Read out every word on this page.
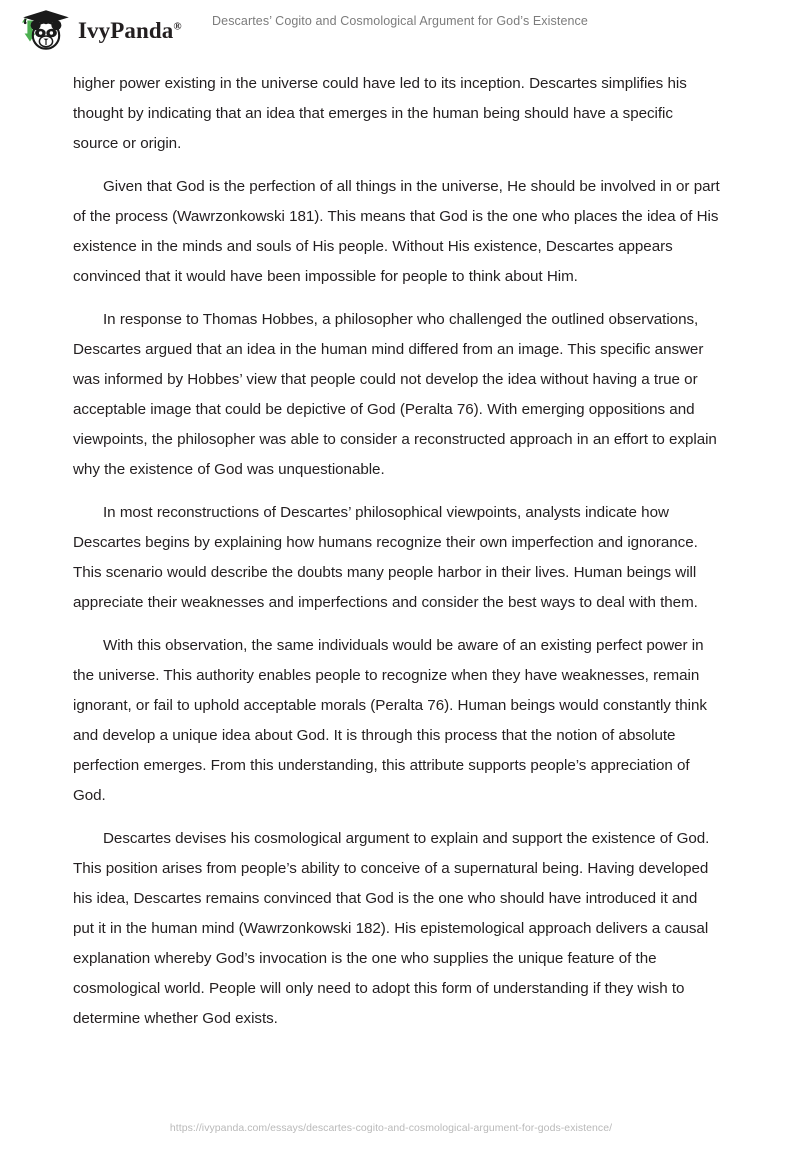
IvyPanda®	Descartes’ Cogito and Cosmological Argument for God’s Existence

higher power existing in the universe could have led to its inception. Descartes simplifies his thought by indicating that an idea that emerges in the human being should have a specific source or origin.

Given that God is the perfection of all things in the universe, He should be involved in or part of the process (Wawrzonkowski 181). This means that God is the one who places the idea of His existence in the minds and souls of His people. Without His existence, Descartes appears convinced that it would have been impossible for people to think about Him.

In response to Thomas Hobbes, a philosopher who challenged the outlined observations, Descartes argued that an idea in the human mind differed from an image. This specific answer was informed by Hobbes’ view that people could not develop the idea without having a true or acceptable image that could be depictive of God (Peralta 76). With emerging oppositions and viewpoints, the philosopher was able to consider a reconstructed approach in an effort to explain why the existence of God was unquestionable.

In most reconstructions of Descartes’ philosophical viewpoints, analysts indicate how Descartes begins by explaining how humans recognize their own imperfection and ignorance. This scenario would describe the doubts many people harbor in their lives. Human beings will appreciate their weaknesses and imperfections and consider the best ways to deal with them.

With this observation, the same individuals would be aware of an existing perfect power in the universe. This authority enables people to recognize when they have weaknesses, remain ignorant, or fail to uphold acceptable morals (Peralta 76). Human beings would constantly think and develop a unique idea about God. It is through this process that the notion of absolute perfection emerges. From this understanding, this attribute supports people’s appreciation of God.

Descartes devises his cosmological argument to explain and support the existence of God. This position arises from people’s ability to conceive of a supernatural being. Having developed his idea, Descartes remains convinced that God is the one who should have introduced it and put it in the human mind (Wawrzonkowski 182). His epistemological approach delivers a causal explanation whereby God’s invocation is the one who supplies the unique feature of the cosmological world. People will only need to adopt this form of understanding if they wish to determine whether God exists.

https://ivypanda.com/essays/descartes-cogito-and-cosmological-argument-for-gods-existence/
